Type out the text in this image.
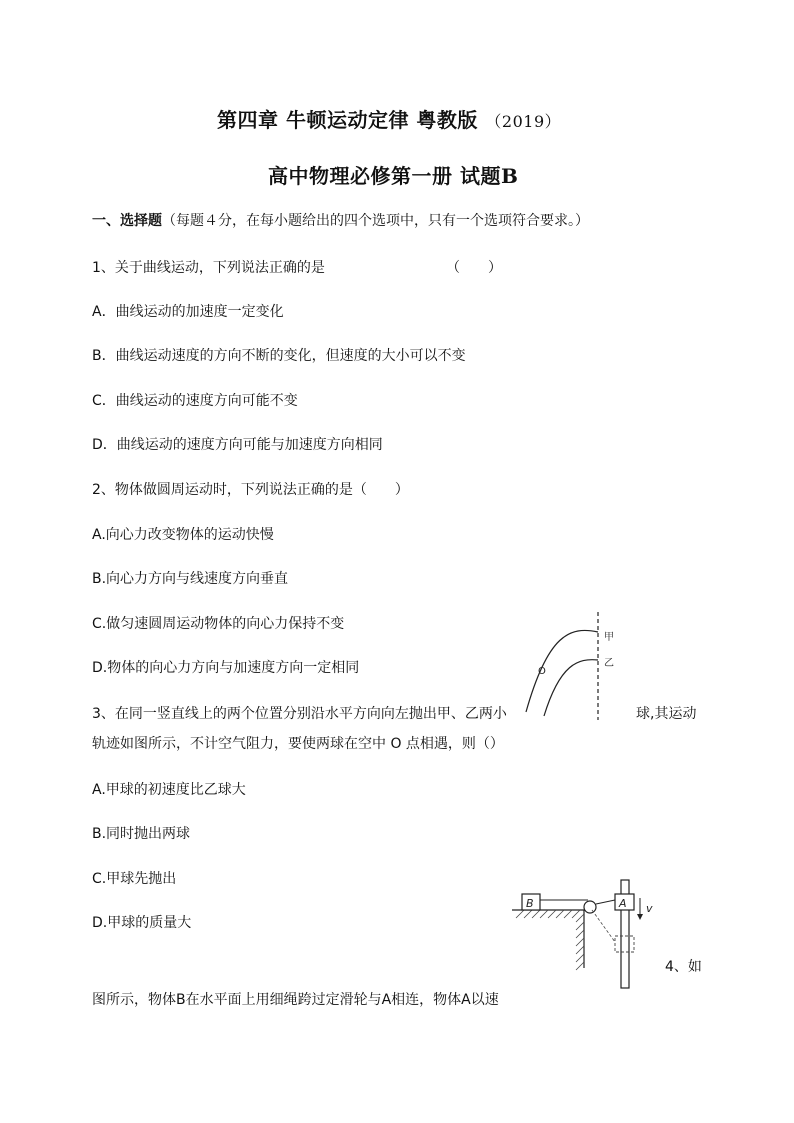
第四章 牛顿运动定律 粤教版 （2019）
高中物理必修第一册 试题B
一、选择题（每题４分，在每小题给出的四个选项中，只有一个选项符合要求。）
1、关于曲线运动，下列说法正确的是	（　　）
A．曲线运动的加速度一定变化
B．曲线运动速度的方向不断的变化，但速度的大小可以不变
C．曲线运动的速度方向可能不变
D．曲线运动的速度方向可能与加速度方向相同
2、物体做圆周运动时，下列说法正确的是（　　）
A.向心力改变物体的运动快慢
B.向心力方向与线速度方向垂直
C.做匀速圆周运动物体的向心力保持不变
D.物体的向心力方向与加速度方向一定相同
甲
乙
O
3、在同一竖直线上的两个位置分别沿水平方向向左抛出甲、乙两小	球,其运动
轨迹如图所示，不计空气阻力，要使两球在空中 O 点相遇，则（）
A.甲球的初速度比乙球大
B.同时抛出两球
C.甲球先抛出
D.甲球的质量大
B	A v
4、如
图所示，物体B在水平面上用细绳跨过定滑轮与A相连，物体A以速
